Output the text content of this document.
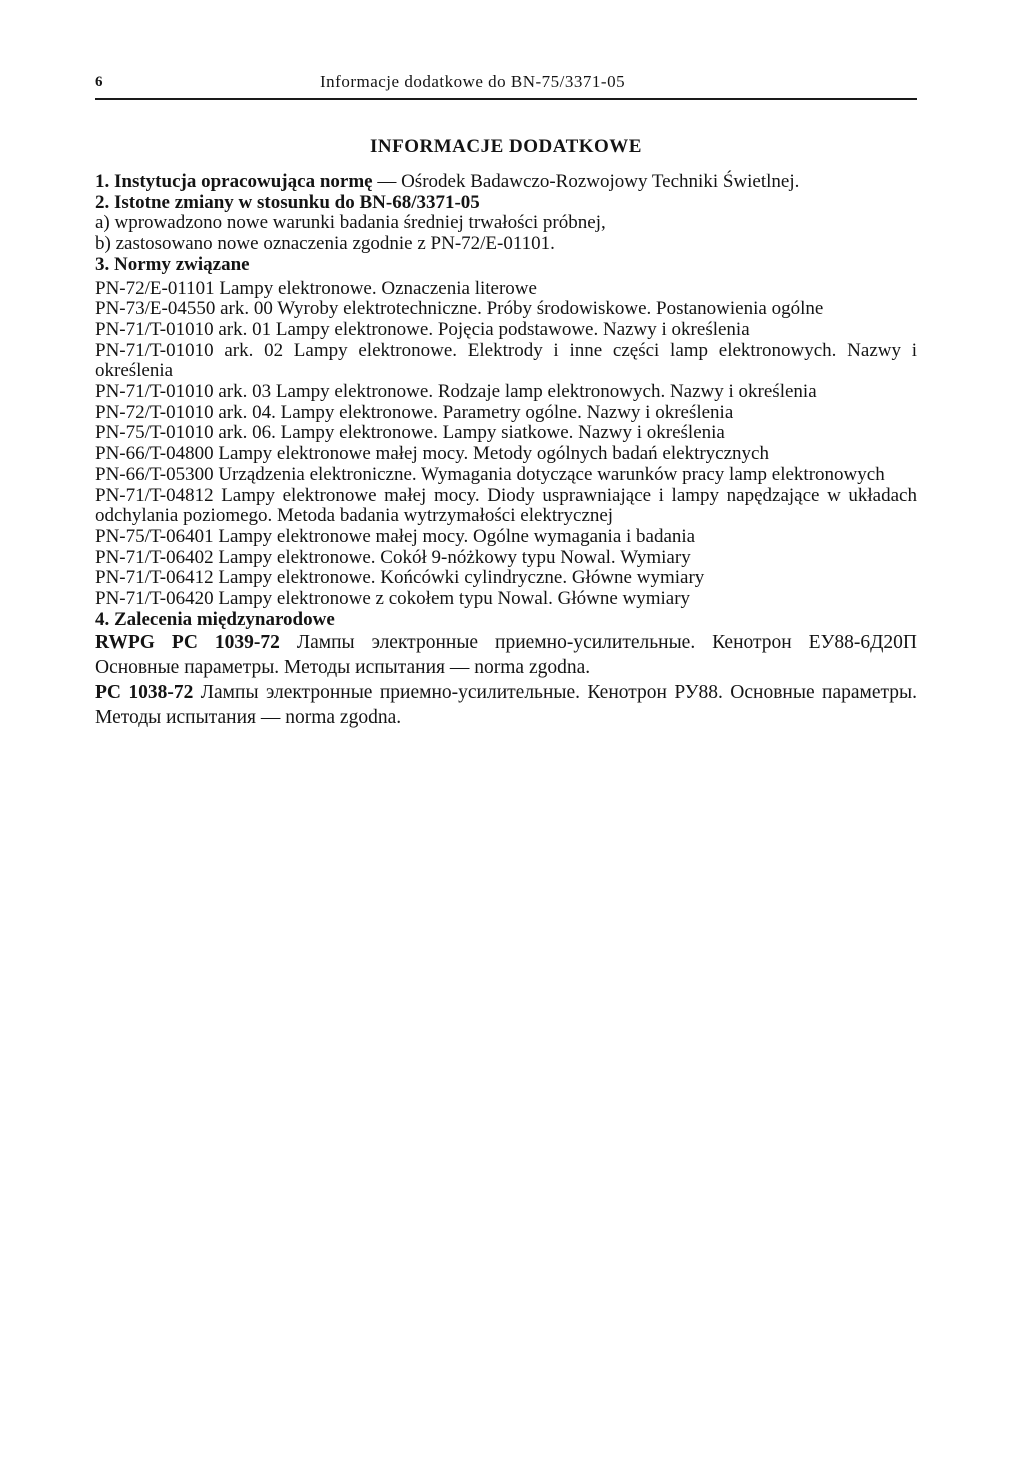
6	Informacje dodatkowe do BN-75/3371-05
INFORMACJE DODATKOWE

1. Instytucja opracowująca normę — Ośrodek Badawczo-Rozwojowy Techniki Świetlnej.

2. Istotne zmiany w stosunku do BN-68/3371-05

a) wprowadzono nowe warunki badania średniej trwałości próbnej,

b) zastosowano nowe oznaczenia zgodnie z PN-72/E-01101.

3. Normy związane

PN-72/E-01101 Lampy elektronowe. Oznaczenia literowe

PN-73/E-04550 ark. 00 Wyroby elektrotechniczne. Próby środowiskowe. Postanowienia ogólne

PN-71/T-01010 ark. 01 Lampy elektronowe. Pojęcia podstawowe. Nazwy i określenia

PN-71/T-01010 ark. 02 Lampy elektronowe. Elektrody i inne części lamp elektronowych. Nazwy i określenia

PN-71/T-01010 ark. 03 Lampy elektronowe. Rodzaje lamp elektronowych. Nazwy i określenia

PN-72/T-01010 ark. 04. Lampy elektronowe. Parametry ogólne. Nazwy i określenia

PN-75/T-01010 ark. 06. Lampy elektronowe. Lampy siatkowe. Nazwy i określenia

PN-66/T-04800 Lampy elektronowe małej mocy. Metody ogólnych badań elektrycznych

PN-66/T-05300 Urządzenia elektroniczne. Wymagania dotyczące warunków pracy lamp elektronowych

PN-71/T-04812 Lampy elektronowe małej mocy. Diody usprawniające i lampy napędzające w układach odchylania poziomego. Metoda badania wytrzymałości elektrycznej

PN-75/T-06401 Lampy elektronowe małej mocy. Ogólne wymagania i badania

PN-71/T-06402 Lampy elektronowe. Cokół 9-nóżkowy typu Nowal. Wymiary

PN-71/T-06412 Lampy elektronowe. Końcówki cylindryczne. Główne wymiary

PN-71/T-06420 Lampy elektronowe z cokołem typu Nowal. Główne wymiary

4. Zalecenia międzynarodowe

RWPG PC 1039-72 Лампы электронные приемно-усилительные. Кенотрон ЕУ88-6Д20П Основные параметры. Методы испытания — norma zgodna.

PC 1038-72 Лампы электронные приемно-усилительные. Кенотрон РУ88. Основные параметры. Методы испытания — norma zgodna.
